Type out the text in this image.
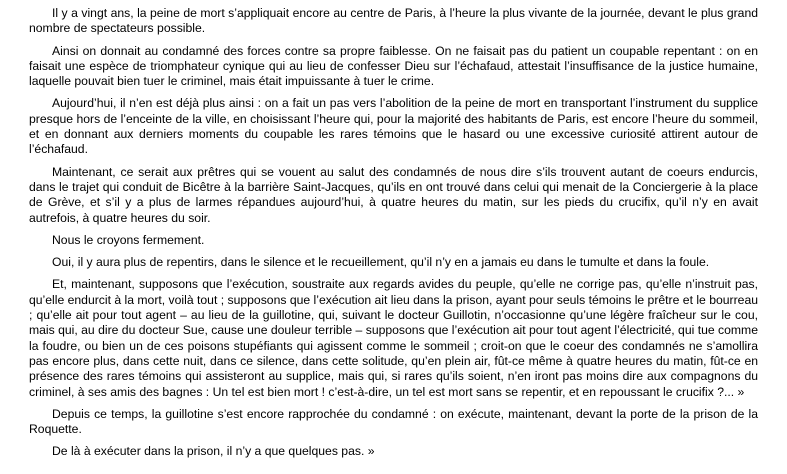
Il y a vingt ans, la peine de mort s’appliquait encore au centre de Paris, à l’heure la plus vivante de la journée, devant le plus grand nombre de spectateurs possible.

Ainsi on donnait au condamné des forces contre sa propre faiblesse. On ne faisait pas du patient un coupable repentant : on en faisait une espèce de triomphateur cynique qui au lieu de confesser Dieu sur l’échafaud, attestait l’insuffisance de la justice humaine, laquelle pouvait bien tuer le criminel, mais était impuissante à tuer le crime.

Aujourd’hui, il n’en est déjà plus ainsi : on a fait un pas vers l’abolition de la peine de mort en transportant l’instrument du supplice presque hors de l’enceinte de la ville, en choisissant l’heure qui, pour la majorité des habitants de Paris, est encore l’heure du sommeil, et en donnant aux derniers moments du coupable les rares témoins que le hasard ou une excessive curiosité attirent autour de l’échafaud.

Maintenant, ce serait aux prêtres qui se vouent au salut des condamnés de nous dire s’ils trouvent autant de coeurs endurcis, dans le trajet qui conduit de Bicêtre à la barrière Saint-Jacques, qu’ils en ont trouvé dans celui qui menait de la Conciergerie à la place de Grève, et s’il y a plus de larmes répandues aujourd’hui, à quatre heures du matin, sur les pieds du crucifix, qu’il n’y en avait autrefois, à quatre heures du soir.

Nous le croyons fermement.

Oui, il y aura plus de repentirs, dans le silence et le recueillement, qu’il n’y en a jamais eu dans le tumulte et dans la foule.

Et, maintenant, supposons que l’exécution, soustraite aux regards avides du peuple, qu’elle ne corrige pas, qu’elle n’instruit pas, qu’elle endurcit à la mort, voilà tout ; supposons que l’exécution ait lieu dans la prison, ayant pour seuls témoins le prêtre et le bourreau ; qu’elle ait pour tout agent – au lieu de la guillotine, qui, suivant le docteur Guillotin, n’occasionne qu’une légère fraîcheur sur le cou, mais qui, au dire du docteur Sue, cause une douleur terrible – supposons que l’exécution ait pour tout agent l’électricité, qui tue comme la foudre, ou bien un de ces poisons stupéfiants qui agissent comme le sommeil ; croit-on que le coeur des condamnés ne s’amollira pas encore plus, dans cette nuit, dans ce silence, dans cette solitude, qu’en plein air, fût-ce même à quatre heures du matin, fût-ce en présence des rares témoins qui assisteront au supplice, mais qui, si rares qu’ils soient, n’en iront pas moins dire aux compagnons du criminel, à ses amis des bagnes : Un tel est bien mort ! c’est-à-dire, un tel est mort sans se repentir, et en repoussant le crucifix ?... »

Depuis ce temps, la guillotine s’est encore rapprochée du condamné : on exécute, maintenant, devant la porte de la prison de la Roquette.

De là à exécuter dans la prison, il n’y a que quelques pas. »
